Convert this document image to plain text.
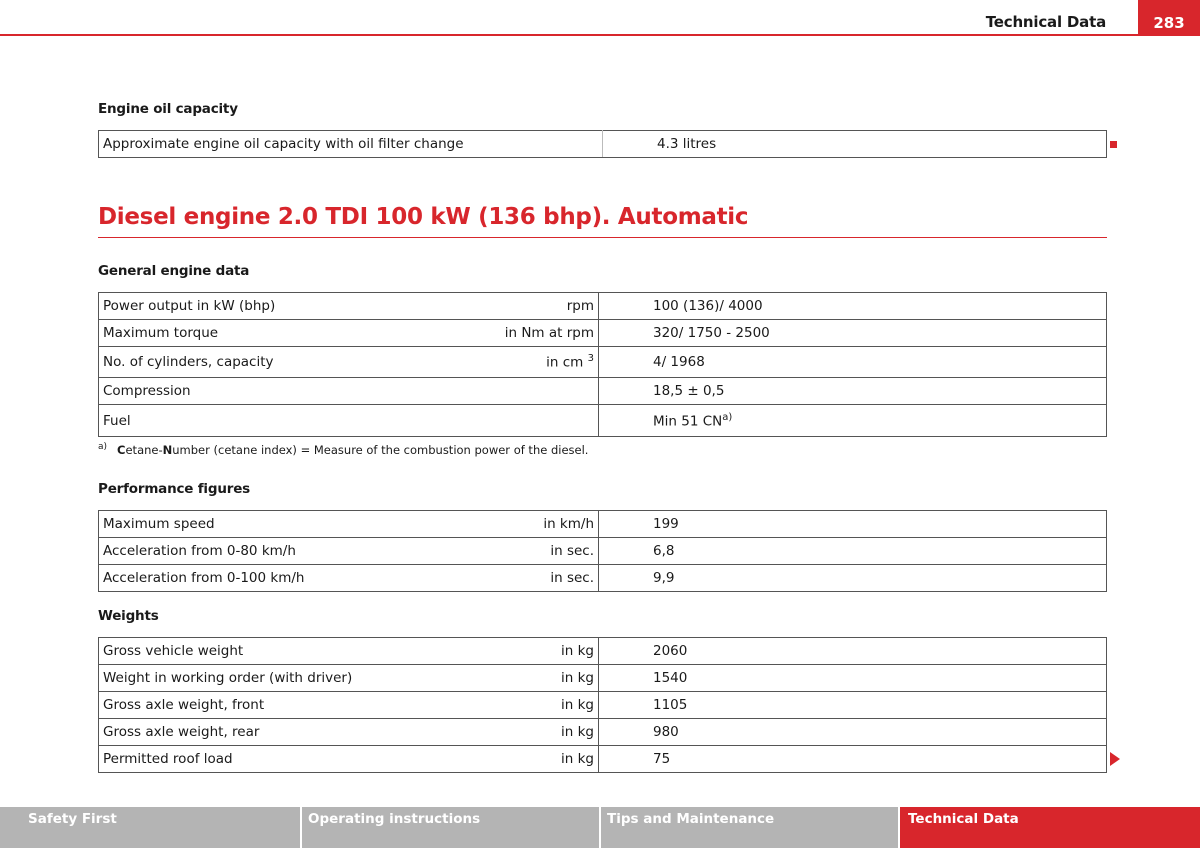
Technical Data	283
Engine oil capacity
Approximate engine oil capacity with oil filter change	4.3 litres
Diesel engine 2.0 TDI 100 kW (136 bhp). Automatic
General engine data
Power output in kW (bhp)	rpm	100 (136)/ 4000
Maximum torque	in Nm at rpm	320/ 1750 - 2500
No. of cylinders, capacity	in cm $^3$	4/ 1968
Compression		18,5 ± 0,5
Fuel		Min 51 CN$^{a)}$
$^{a)}$ Cetane-Number (cetane index) = Measure of the combustion power of the diesel.
Performance figures
Maximum speed	in km/h	199
Acceleration from 0-80 km/h	in sec.	6,8
Acceleration from 0-100 km/h	in sec.	9,9
Weights
Gross vehicle weight	in kg	2060
Weight in working order (with driver)	in kg	1540
Gross axle weight, front	in kg	1105
Gross axle weight, rear	in kg	980
Permitted roof load	in kg	75
Safety First	Operating instructions	Tips and Maintenance	Technical Data
